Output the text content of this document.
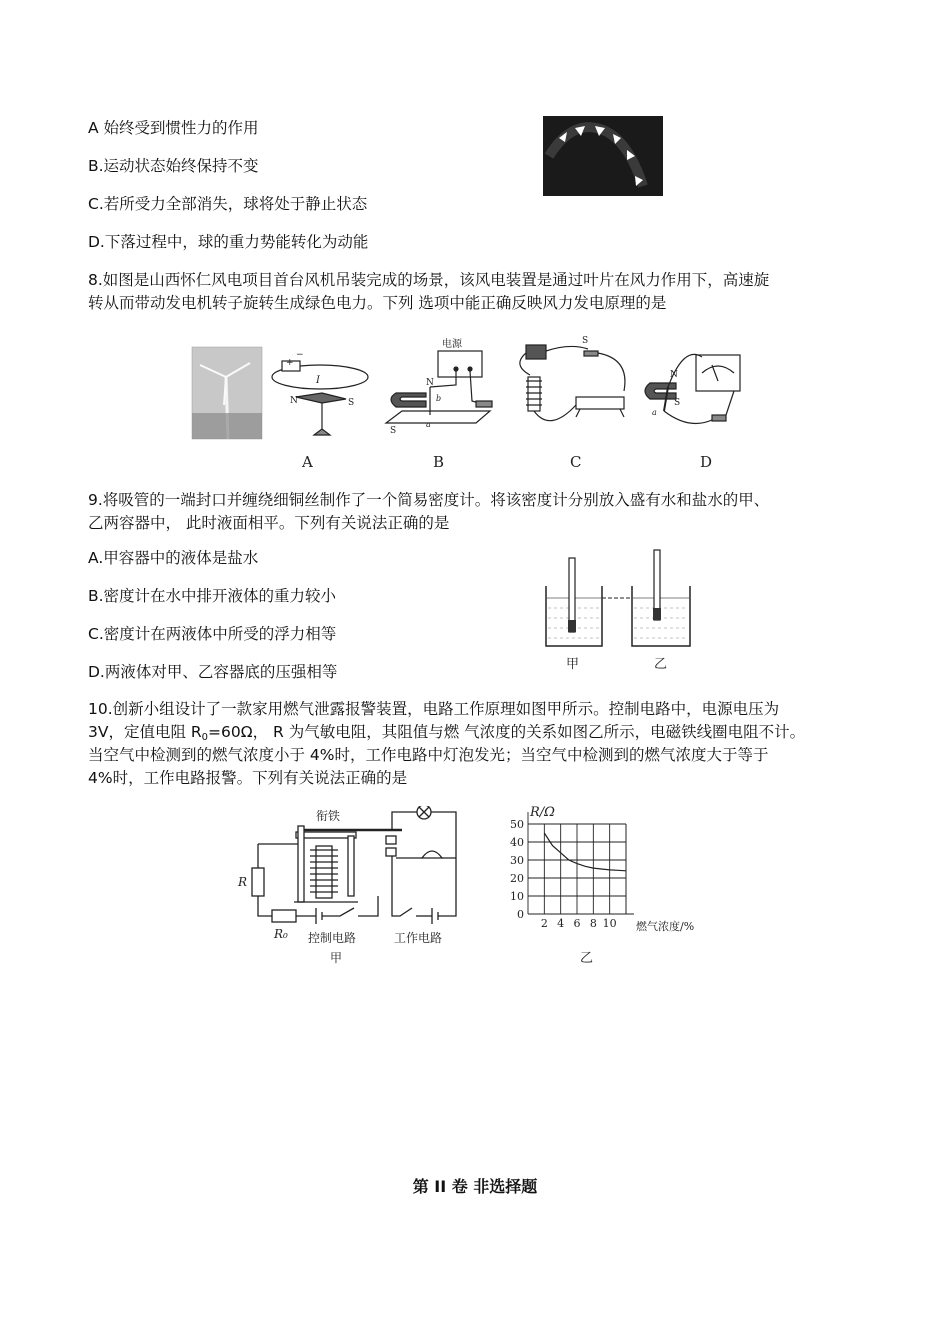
A 始终受到惯性力的作用
B.运动状态始终保持不变
C.若所受力全部消失，球将处于静止状态
D.下落过程中，球的重力势能转化为动能
8.如图是山西怀仁风电项目首台风机吊装完成的场景，该风电装置是通过叶片在风力作用下，高速旋
转从而带动发电机转子旋转生成绿色电力。下列 选项中能正确反映风力发电原理的是
+
−
I
N	S
电源
N
b
a
S
S
N
a
S
A	B	C	D
9.将吸管的一端封口并缠绕细铜丝制作了一个简易密度计。将该密度计分别放入盛有水和盐水的甲、
乙两容器中， 此时液面相平。下列有关说法正确的是
A.甲容器中的液体是盐水
B.密度计在水中排开液体的重力较小
C.密度计在两液体中所受的浮力相等
D.两液体对甲、乙容器底的压强相等	甲	乙
10.创新小组设计了一款家用燃气泄露报警装置，电路工作原理如图甲所示。控制电路中，电源电压为
3V，定值电阻 $R_0=60\Omega$， R 为气敏电阻，其阻值与燃 气浓度的关系如图乙所示，电磁铁线圈电阻不计。
当空气中检测到的燃气浓度小于 4%时，工作电路中灯泡发光；当空气中检测到的燃气浓度大于等于
4%时，工作电路报警。下列有关说法正确的是
衔铁
R
R₀ 控制电路	工作电路
甲
0
10
20
30
40
50
2 4 6 8 10
R/Ω
燃气浓度/%
乙
第 II 卷 非选择题
